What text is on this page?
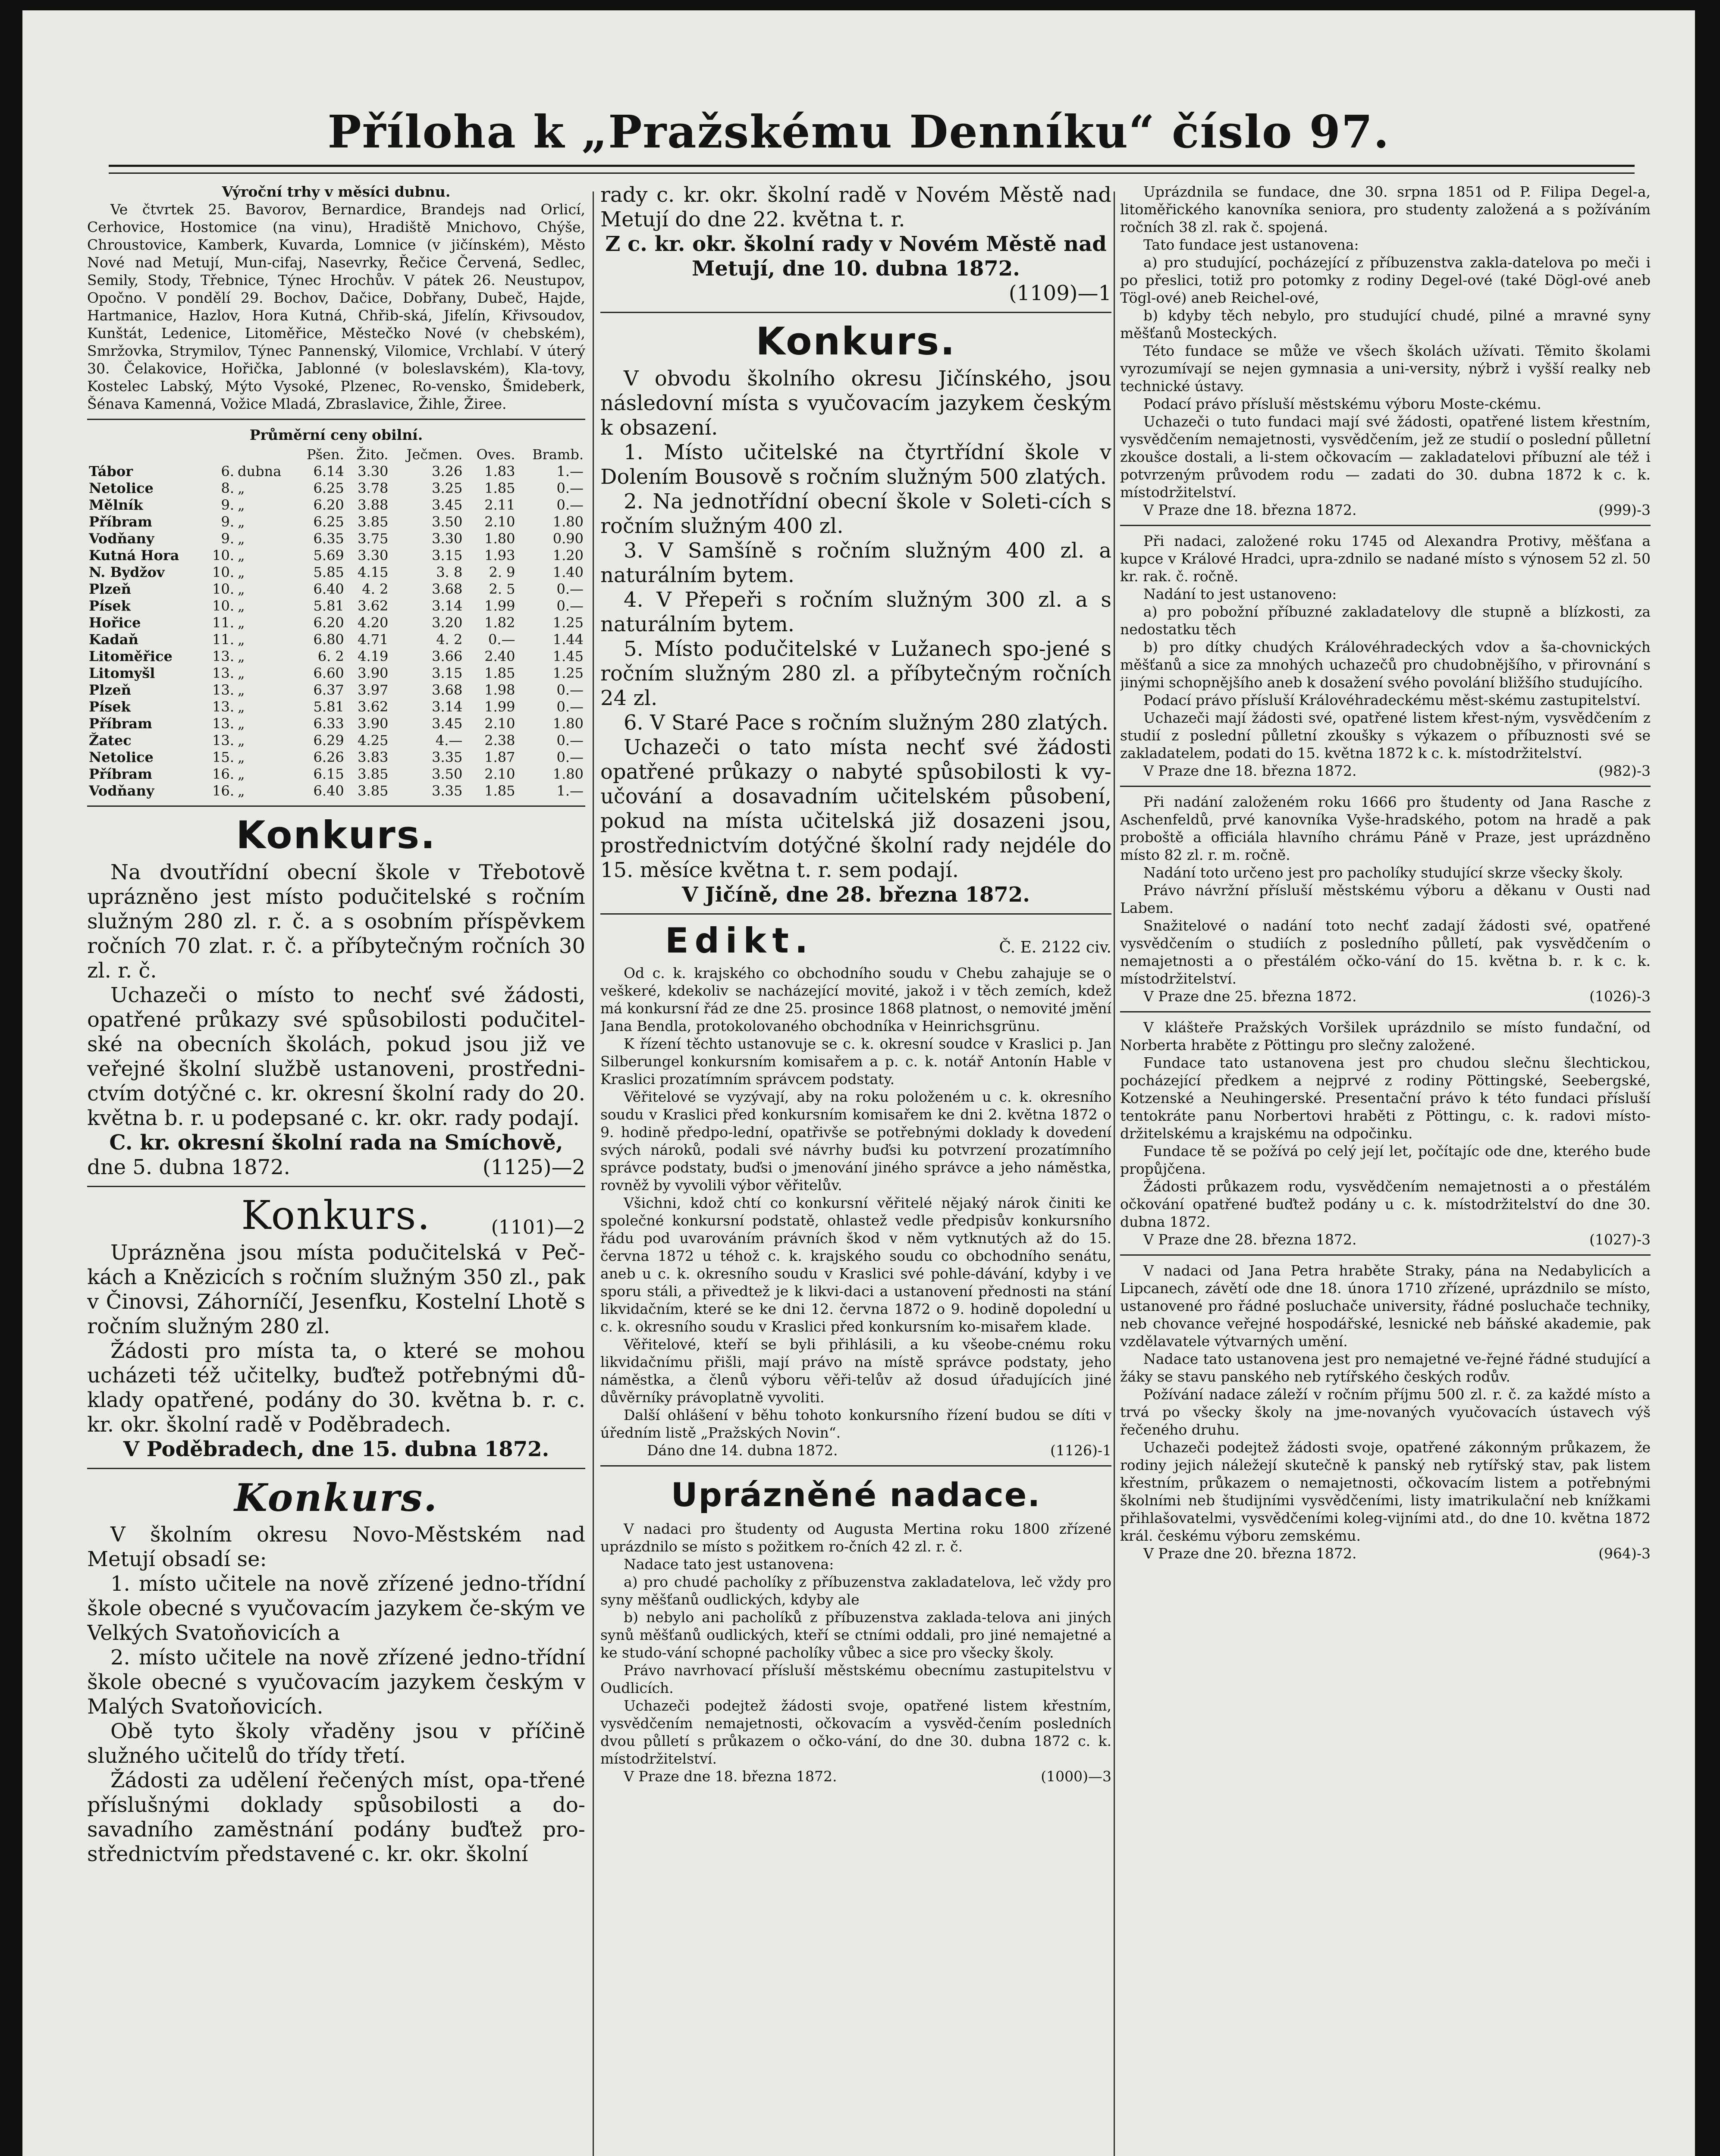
Příloha k „Pražskému Denníku“ číslo 97.

Výroční trhy v měsíci dubnu.

Ve čtvrtek 25. Bavorov, Bernardice, Brandejs nad Orlicí, Cerhovice, Hostomice (na vinu), Hradiště Mnichovo, Chýše, Chroustovice, Kamberk, Kuvarda, Lomnice (v jičínském), Město Nové nad Metují, Mun-cifaj, Nasevrky, Řečice Červená, Sedlec, Semily, Stody, Třebnice, Týnec Hrochův. V pátek 26. Neustupov, Opočno. V pondělí 29. Bochov, Dačice, Dobřany, Dubeč, Hajde, Hartmanice, Hazlov, Hora Kutná, Chřib-ská, Jifelín, Křivsoudov, Kunštát, Ledenice, Litoměřice, Městečko Nové (v chebském), Smržovka, Strymilov, Týnec Pannenský, Vilomice, Vrchlabí. V úterý 30. Čelakovice, Hořička, Jablonné (v boleslavském), Kla-tovy, Kostelec Labský, Mýto Vysoké, Plzenec, Ro-vensko, Šmideberk, Šénava Kamenná, Vožice Mladá, Zbraslavice, Žihle, Žiree.

Průměrní ceny obilní.

			Pšen.	Žito.	Ječmen.	Oves.	Bramb.
Tábor	6.	dubna	6.14	3.30	3.26	1.83	1.—
Netolice	8.	„	6.25	3.78	3.25	1.85	0.—
Mělník	9.	„	6.20	3.88	3.45	2.11	0.—
Příbram	9.	„	6.25	3.85	3.50	2.10	1.80
Vodňany	9.	„	6.35	3.75	3.30	1.80	0.90
Kutná Hora	10.	„	5.69	3.30	3.15	1.93	1.20
N. Bydžov	10.	„	5.85	4.15	3. 8	2. 9	1.40
Plzeň	10.	„	6.40	4. 2	3.68	2. 5	0.—
Písek	10.	„	5.81	3.62	3.14	1.99	0.—
Hořice	11.	„	6.20	4.20	3.20	1.82	1.25
Kadaň	11.	„	6.80	4.71	4. 2	0.—	1.44
Litoměřice	13.	„	6. 2	4.19	3.66	2.40	1.45
Litomyšl	13.	„	6.60	3.90	3.15	1.85	1.25
Plzeň	13.	„	6.37	3.97	3.68	1.98	0.—
Písek	13.	„	5.81	3.62	3.14	1.99	0.—
Příbram	13.	„	6.33	3.90	3.45	2.10	1.80
Žatec	13.	„	6.29	4.25	4.—	2.38	0.—
Netolice	15.	„	6.26	3.83	3.35	1.87	0.—
Příbram	16.	„	6.15	3.85	3.50	2.10	1.80
Vodňany	16.	„	6.40	3.85	3.35	1.85	1.—
Konkurs.

Na dvoutřídní obecní škole v Třebotově uprázněno jest místo podučitelské s ročním služným 280 zl. r. č. a s osobním příspěvkem ročních 70 zlat. r. č. a příbytečným ročních 30 zl. r. č.

Uchazeči o místo to nechť své žádosti, opatřené průkazy své spůsobilosti podučitel-ské na obecních školách, pokud jsou již ve veřejné školní službě ustanoveni, prostředni-ctvím dotýčné c. kr. okresní školní rady do 20. května b. r. u podepsané c. kr. okr. rady podají.

C. kr. okresní školní rada na Smíchově,

dne 5. dubna 1872.	(1125)—2
Konkurs.	(1101)—2

Uprázněna jsou místa podučitelská v Peč-kách a Knězicích s ročním služným 350 zl., pak v Činovsi, Záhorníčí, Jesenfku, Kostelní Lhotě s ročním služným 280 zl.

Žádosti pro místa ta, o které se mohou ucházeti též učitelky, buďtež potřebnými dů-klady opatřené, podány do 30. května b. r. c. kr. okr. školní radě v Poděbradech.

V Poděbradech, dne 15. dubna 1872.

Konkurs.

V školním okresu Novo-Městském nad Metují obsadí se:

1. místo učitele na nově zřízené jedno-třídní škole obecné s vyučovacím jazykem če-ským ve Velkých Svatoňovicích a

2. místo učitele na nově zřízené jedno-třídní škole obecné s vyučovacím jazykem českým v Malých Svatoňovicích.

Obě tyto školy vřaděny jsou v příčině služného učitelů do třídy třetí.

Žádosti za udělení řečených míst, opa-třené příslušnými doklady spůsobilosti a do-savadního zaměstnání podány buďtež pro-střednictvím představené c. kr. okr. školní

rady c. kr. okr. školní radě v Novém Městě nad Metují do dne 22. května t. r.

Z c. kr. okr. školní rady v Novém Městě nad Metují, dne 10. dubna 1872.

(1109)—1

Konkurs.

V obvodu školního okresu Jičínského, jsou následovní místa s vyučovacím jazykem českým k obsazení.

1. Místo učitelské na čtyrtřídní škole v Dolením Bousově s ročním služným 500 zlatých.

2. Na jednotřídní obecní škole v Soleti-cích s ročním služným 400 zl.

3. V Samšíně s ročním služným 400 zl. a naturálním bytem.

4. V Přepeři s ročním služným 300 zl. a s naturálním bytem.

5. Místo podučitelské v Lužanech spo-jené s ročním služným 280 zl. a příbytečným ročních 24 zl.

6. V Staré Pace s ročním služným 280 zlatých.

Uchazeči o tato místa nechť své žádosti opatřené průkazy o nabyté spůsobilosti k vy-učování a dosavadním učitelském působení, pokud na místa učitelská již dosazeni jsou, prostřednictvím dotýčné školní rady nejdéle do 15. měsíce května t. r. sem podají.

V Jičíně, dne 28. března 1872.

Edikt.	Č. E. 2122 civ.

Od c. k. krajského co obchodního soudu v Chebu zahajuje se o veškeré, kdekoliv se nacházející movité, jakož i v těch zemích, kdež má konkursní řád ze dne 25. prosince 1868 platnost, o nemovité jmění Jana Bendla, protokolovaného obchodníka v Heinrichsgrünu.

K řízení těchto ustanovuje se c. k. okresní soudce v Kraslici p. Jan Silberungel konkursním komisařem a p. c. k. notář Antonín Hable v Kraslici prozatímním správcem podstaty.

Věřitelové se vyzývají, aby na roku položeném u c. k. okresního soudu v Kraslici před konkursním komisařem ke dni 2. května 1872 o 9. hodině předpo-lední, opatřivše se potřebnými doklady k dovedení svých nároků, podali své návrhy buďsi ku potvrzení prozatímního správce podstaty, buďsi o jmenování jiného správce a jeho náměstka, rovněž by vyvolili výbor věřitelův.

Všichni, kdož chtí co konkursní věřitelé nějaký nárok činiti ke společné konkursní podstatě, ohlastež vedle předpisův konkursního řádu pod uvarováním právních škod v něm vytknutých až do 15. června 1872 u téhož c. k. krajského soudu co obchodního senátu, aneb u c. k. okresního soudu v Kraslici své pohle-dávání, kdyby i ve sporu stáli, a přivedtež je k likvi-daci a ustanovení přednosti na stání likvidačním, které se ke dni 12. června 1872 o 9. hodině dopolední u c. k. okresního soudu v Kraslici před konkursním ko-misařem klade.

Věřitelové, kteří se byli přihlásili, a ku všeobe-cnému roku likvidačnímu přišli, mají právo na místě správce podstaty, jeho náměstka, a členů výboru věři-telův až dosud úřadujících jiné důvěrníky právoplatně vyvoliti.

Další ohlášení v běhu tohoto konkursního řízení budou se díti v úředním listě „Pražských Novin“.

Dáno dne 14. dubna 1872.	(1126)-1
Uprázněné nadace.

V nadaci pro študenty od Augusta Mertina roku 1800 zřízené uprázdnilo se místo s požitkem ro-čních 42 zl. r. č.

Nadace tato jest ustanovena:

a) pro chudé pacholíky z příbuzenstva zakladatelova, leč vždy pro syny měšťanů oudlických, kdyby ale

b) nebylo ani pacholíků z příbuzenstva zaklada-telova ani jiných synů měšťanů oudlických, kteří se ctními oddali, pro jiné nemajetné a ke studo-vání schopné pacholíky vůbec a sice pro všecky školy.

Právo navrhovací přísluší městskému obecnímu zastupitelstvu v Oudlicích.

Uchazeči podejtež žádosti svoje, opatřené listem křestním, vysvědčením nemajetnosti, očkovacím a vysvěd-čením posledních dvou půlletí s průkazem o očko-vání, do dne 30. dubna 1872 c. k. místodržitelství.

V Praze dne 18. března 1872.	(1000)—3

Uprázdnila se fundace, dne 30. srpna 1851 od P. Filipa Degel-a, litoměřického kanovníka seniora, pro studenty založená a s požíváním ročních 38 zl. rak č. spojená.

Tato fundace jest ustanovena:

a) pro studující, pocházející z příbuzenstva zakla-datelova po meči i po přeslici, totiž pro potomky z rodiny Degel-ové (také Dögl-ové aneb Tögl-ové) aneb Reichel-ové,

b) kdyby těch nebylo, pro studující chudé, pilné a mravné syny měšťanů Mosteckých.

Této fundace se může ve všech školách užívati. Těmito školami vyrozumívají se nejen gymnasia a uni-versity, nýbrž i vyšší realky neb technické ústavy.

Podací právo přísluší městskému výboru Moste-ckému.

Uchazeči o tuto fundaci mají své žádosti, opatřené listem křestním, vysvědčením nemajetnosti, vysvědčením, jež ze studií o poslední půlletní zkoušce dostali, a li-stem očkovacím — zakladatelovi příbuzní ale též i potvrzeným průvodem rodu — zadati do 30. dubna 1872 k c. k. místodržitelství.

V Praze dne 18. března 1872.	(999)-3

Při nadaci, založené roku 1745 od Alexandra Protivy, měšťana a kupce v Králové Hradci, upra-zdnilo se nadané místo s výnosem 52 zl. 50 kr. rak. č. ročně.

Nadání to jest ustanoveno:

a) pro pobožní příbuzné zakladatelovy dle stupně a blízkosti, za nedostatku těch

b) pro dítky chudých Královéhradeckých vdov a ša-chovnických měšťanů a sice za mnohých uchazečů pro chudobnějšího, v přirovnání s jinými schopnějšího aneb k dosažení svého povolání bližšího studujícího.

Podací právo přísluší Královéhradeckému měst-skému zastupitelství.

Uchazeči mají žádosti své, opatřené listem křest-ným, vysvědčením z studií z poslední půlletní zkoušky s výkazem o příbuznosti své se zakladatelem, podati do 15. května 1872 k c. k. místodržitelství.

V Praze dne 18. března 1872.	(982)-3

Při nadání založeném roku 1666 pro študenty od Jana Rasche z Aschenfeldů, prvé kanovníka Vyše-hradského, potom na hradě a pak proboště a officiála hlavního chrámu Páně v Praze, jest uprázdněno místo 82 zl. r. m. ročně.

Nadání toto určeno jest pro pacholíky studující skrze všecky školy.

Právo návržní přísluší městskému výboru a děkanu v Ousti nad Labem.

Snažitelové o nadání toto nechť zadají žádosti své, opatřené vysvědčením o studiích z posledního půlletí, pak vysvědčením o nemajetnosti a o přestálém očko-vání do 15. května b. r. k c. k. místodržitelství.

V Praze dne 25. března 1872.	(1026)-3

V klášteře Pražských Voršilek uprázdnilo se místo fundační, od Norberta hraběte z Pöttingu pro slečny založené.

Fundace tato ustanovena jest pro chudou slečnu šlechtickou, pocházející předkem a nejprvé z rodiny Pöttingské, Seebergské, Kotzenské a Neuhingerské. Presentační právo k této fundaci přísluší tentokráte panu Norbertovi hraběti z Pöttingu, c. k. radovi místo-držitelskému a krajskému na odpočinku.

Fundace tě se požívá po celý její let, počítajíc ode dne, kterého bude propůjčena.

Žádosti průkazem rodu, vysvědčením nemajetnosti a o přestálém očkování opatřené buďtež podány u c. k. místodržitelství do dne 30. dubna 1872.

V Praze dne 28. března 1872.	(1027)-3

V nadaci od Jana Petra hraběte Straky, pána na Nedabylicích a Lipcanech, závětí ode dne 18. února 1710 zřízené, uprázdnilo se místo, ustanovené pro řádné posluchače university, řádné posluchače techniky, neb chovance veřejné hospodářské, lesnické neb báňské akademie, pak vzdělavatele výtvarných umění.

Nadace tato ustanovena jest pro nemajetné ve-řejné řádné studující a žáky se stavu panského neb rytířského českých rodův.

Požívání nadace záleží v ročním příjmu 500 zl. r. č. za každé místo a trvá po všecky školy na jme-novaných vyučovacích ústavech výš řečeného druhu.

Uchazeči podejtež žádosti svoje, opatřené zákonným průkazem, že rodiny jejich náležejí skutečně k panský neb rytířský stav, pak listem křestním, průkazem o nemajetnosti, očkovacím listem a potřebnými školními neb študijními vysvědčeními, listy imatrikulační neb knížkami přihlašovatelmi, vysvědčeními koleg-vijními atd., do dne 10. května 1872 král. českému výboru zemskému.

V Praze dne 20. března 1872.	(964)-3
